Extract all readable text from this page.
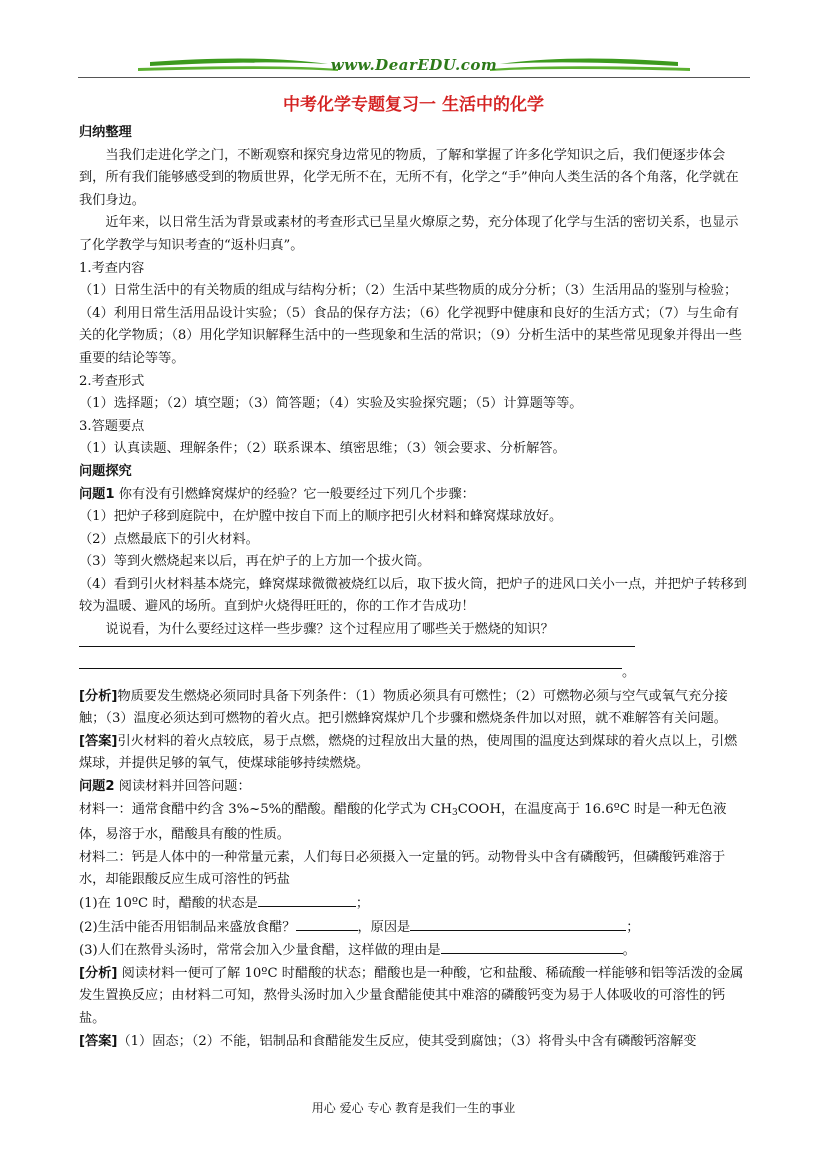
www.DearEDU.com
中考化学专题复习一 生活中的化学

归纳整理

当我们走进化学之门，不断观察和探究身边常见的物质，了解和掌握了许多化学知识之后，我们便逐步体会到，所有我们能够感受到的物质世界，化学无所不在，无所不有，化学之“手”伸向人类生活的各个角落，化学就在我们身边。

近年来，以日常生活为背景或素材的考查形式已呈星火燎原之势，充分体现了化学与生活的密切关系，也显示了化学教学与知识考查的“返朴归真”。

1.考查内容

（1）日常生活中的有关物质的组成与结构分析；（2）生活中某些物质的成分分析；（3）生活用品的鉴别与检验；（4）利用日常生活用品设计实验；（5）食品的保存方法；（6）化学视野中健康和良好的生活方式；（7）与生命有关的化学物质；（8）用化学知识解释生活中的一些现象和生活的常识；（9）分析生活中的某些常见现象并得出一些重要的结论等等。

2.考查形式

（1）选择题；（2）填空题；（3）简答题；（4）实验及实验探究题；（5）计算题等等。

3.答题要点

（1）认真读题、理解条件；（2）联系课本、缜密思维；（3）领会要求、分析解答。

问题探究

问题1 你有没有引燃蜂窝煤炉的经验？它一般要经过下列几个步骤：

（1）把炉子移到庭院中，在炉膛中按自下而上的顺序把引火材料和蜂窝煤球放好。

（2）点燃最底下的引火材料。

（3）等到火燃烧起来以后，再在炉子的上方加一个拔火筒。

（4）看到引火材料基本烧完，蜂窝煤球微微被烧红以后，取下拔火筒，把炉子的进风口关小一点，并把炉子转移到较为温暖、避风的场所。直到炉火烧得旺旺的，你的工作才告成功！

说说看，为什么要经过这样一些步骤？这个过程应用了哪些关于燃烧的知识？

。

[分析]物质要发生燃烧必须同时具备下列条件：（1）物质必须具有可燃性；（2）可燃物必须与空气或氧气充分接触；（3）温度必须达到可燃物的着火点。把引燃蜂窝煤炉几个步骤和燃烧条件加以对照，就不难解答有关问题。

[答案]引火材料的着火点较底，易于点燃，燃烧的过程放出大量的热，使周围的温度达到煤球的着火点以上，引燃煤球，并提供足够的氧气，使煤球能够持续燃烧。

问题2 阅读材料并回答问题：

材料一：通常食醋中约含 3%~5%的醋酸。醋酸的化学式为 $CH_3COOH$，在温度高于 16.6ºC 时是一种无色液体，易溶于水，醋酸具有酸的性质。

材料二：钙是人体中的一种常量元素，人们每日必须摄入一定量的钙。动物骨头中含有磷酸钙，但磷酸钙难溶于水，却能跟酸反应生成可溶性的钙盐

(1)在 10ºC 时，醋酸的状态是	；

(2)生活中能否用铝制品来盛放食醋？	，原因是	；

(3)人们在熬骨头汤时，常常会加入少量食醋，这样做的理由是	。

[分析] 阅读材料一便可了解 10ºC 时醋酸的状态；醋酸也是一种酸，它和盐酸、稀硫酸一样能够和铝等活泼的金属发生置换反应；由材料二可知，熬骨头汤时加入少量食醋能使其中难溶的磷酸钙变为易于人体吸收的可溶性的钙盐。

[答案]（1）固态；（2）不能，铝制品和食醋能发生反应，使其受到腐蚀；（3）将骨头中含有磷酸钙溶解变

用心 爱心 专心 教育是我们一生的事业
